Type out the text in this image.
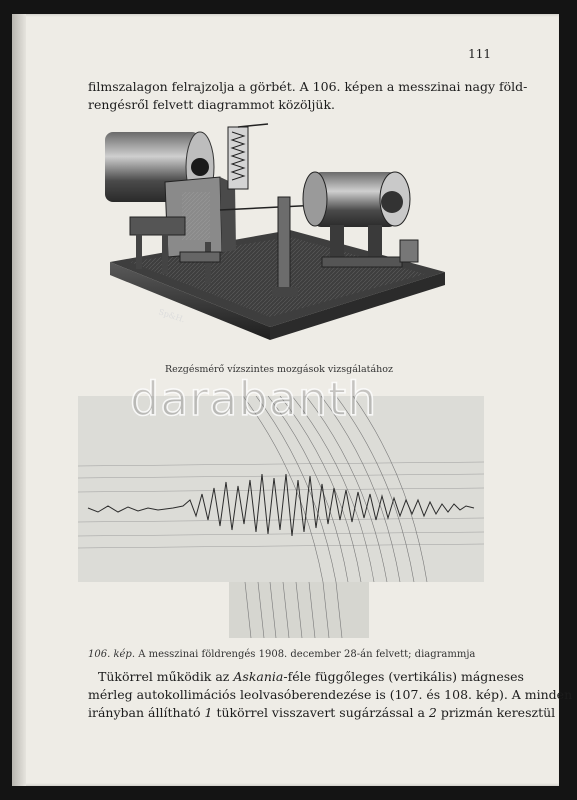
111
filmszalagon felrajzolja a görbét. A 106. képen a messzinai nagy föld-
rengésről felvett diagrammot közöljük.
Sp&H.
Rezgésmérő vízszintes mozgások vizsgálatához
darabanth
106. kép. A messzinai földrengés 1908. december 28-án felvett; diagrammja
Tükörrel működik az Askania-féle függőleges (vertikális) mágneses
mérleg autokollimációs leolvasóberendezése is (107. és 108. kép). A minden
irányban állítható 1 tükörrel visszavert sugárzással a 2 prizmán keresztül
